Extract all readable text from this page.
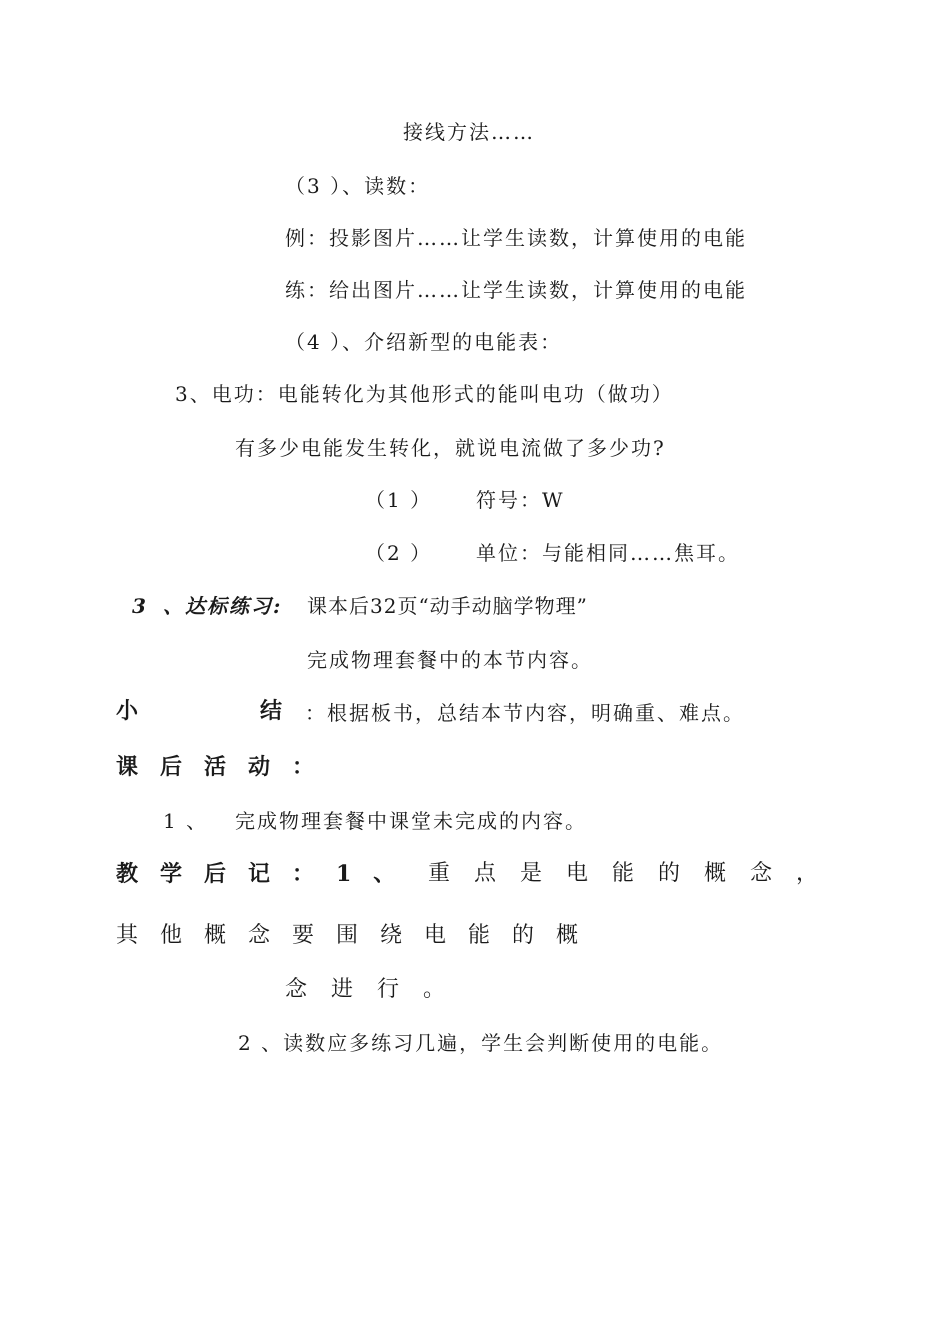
接线方法……
（3 ）、读数：
例：投影图片……让学生读数，计算使用的电能
练：给出图片……让学生读数，计算使用的电能
（4 ）、介绍新型的电能表：
3、电功：电能转化为其他形式的能叫电功（做功）
有多少电能发生转化，就说电流做了多少功?
（1 ） 符号：W
（2 ） 单位：与能相同……焦耳。
3 、达标练习: 课本后32页“动手动脑学物理”
完成物理套餐中的本节内容。
小	结 ：根据板书，总结本节内容，明确重、难点。
课后活动：
1 、 完成物理套餐中课堂未完成的内容。
教学后记：1、 重点是电能的概念，
其他概念要围绕电能的概
念进行。
2 、读数应多练习几遍，学生会判断使用的电能。
